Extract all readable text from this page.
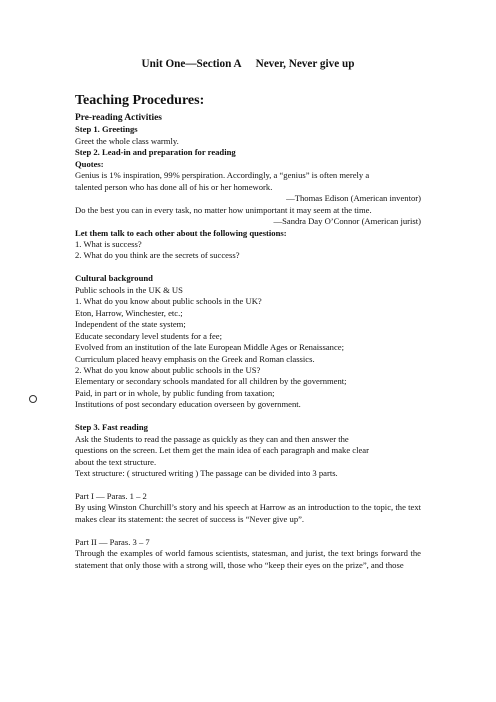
Unit One—Section A Never, Never give up
Teaching Procedures:
Pre-reading Activities
Step 1. Greetings
Greet the whole class warmly.
Step 2. Lead-in and preparation for reading
Quotes:
Genius is 1% inspiration, 99% perspiration. Accordingly, a “genius” is often merely a
talented person who has done all of his or her homework.
—Thomas Edison (American inventor)
Do the best you can in every task, no matter how unimportant it may seem at the time.
—Sandra Day O’Connor (American jurist)
Let them talk to each other about the following questions:
1. What is success?
2. What do you think are the secrets of success?
Cultural background
Public schools in the UK & US
1. What do you know about public schools in the UK?
Eton, Harrow, Winchester, etc.;
Independent of the state system;
Educate secondary level students for a fee;
Evolved from an institution of the late European Middle Ages or Renaissance;
Curriculum placed heavy emphasis on the Greek and Roman classics.
2. What do you know about public schools in the US?
Elementary or secondary schools mandated for all children by the government;
Paid, in part or in whole, by public funding from taxation;
Institutions of post secondary education overseen by government.
Step 3. Fast reading
Ask the Students to read the passage as quickly as they can and then answer the
questions on the screen. Let them get the main idea of each paragraph and make clear
about the text structure.
Text structure: ( structured writing ) The passage can be divided into 3 parts.
Part I — Paras. 1 – 2
By using Winston Churchill’s story and his speech at Harrow as an introduction to the topic, the text makes clear its statement: the secret of success is “Never give up”.
Part II — Paras. 3 – 7
Through the examples of world famous scientists, statesman, and jurist, the text brings forward the statement that only those with a strong will, those who “keep their eyes on the prize”, and those
